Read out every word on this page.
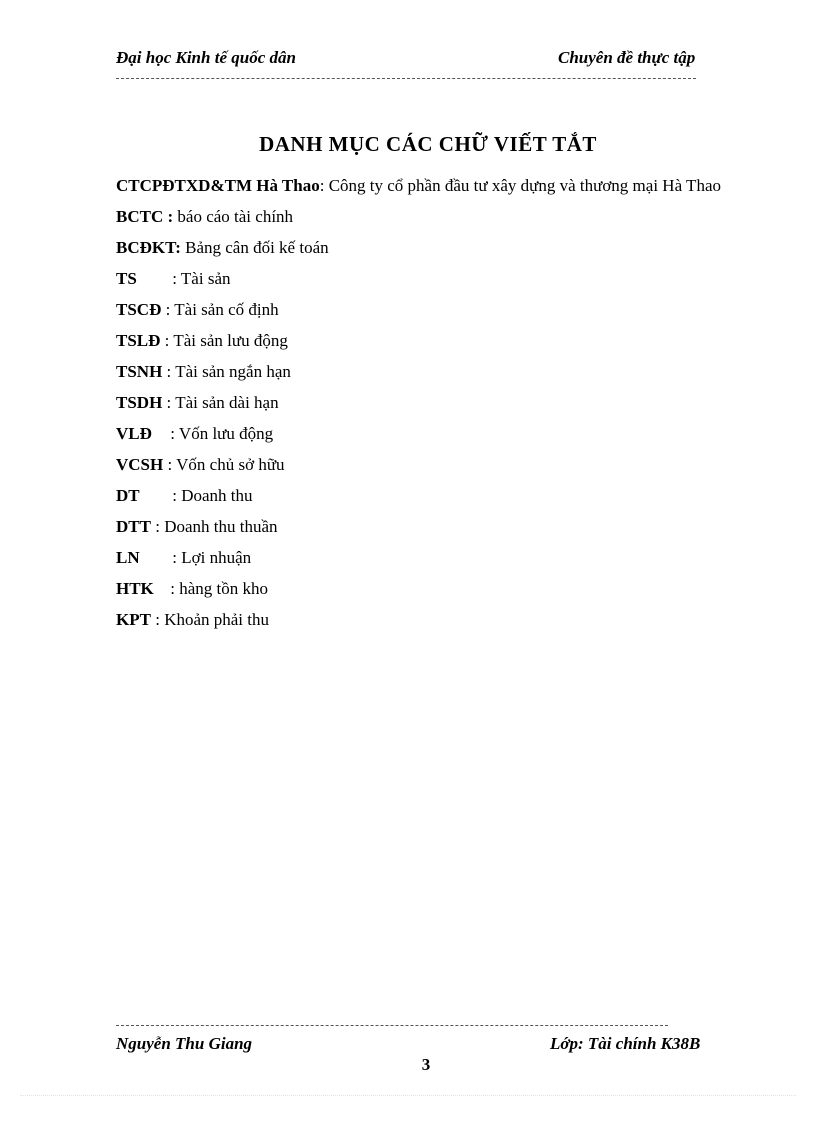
Đại học Kinh tế quốc dân	Chuyên đề thực tập
DANH MỤC CÁC CHỮ VIẾT TẮT
CTCPĐTXD&TM Hà Thao: Công ty cổ phần đầu tư xây dựng và thương mại Hà Thao
BCTC : báo cáo tài chính
BCĐKT: Bảng cân đối kế toán
TS : Tài sản
TSCĐ : Tài sản cố định
TSLĐ : Tài sản lưu động
TSNH : Tài sản ngắn hạn
TSDH : Tài sản dài hạn
VLĐ : Vốn lưu động
VCSH : Vốn chủ sở hữu
DT : Doanh thu
DTT : Doanh thu thuần
LN : Lợi nhuận
HTK : hàng tồn kho
KPT : Khoản phải thu
Nguyễn Thu Giang	Lớp: Tài chính K38B
3
